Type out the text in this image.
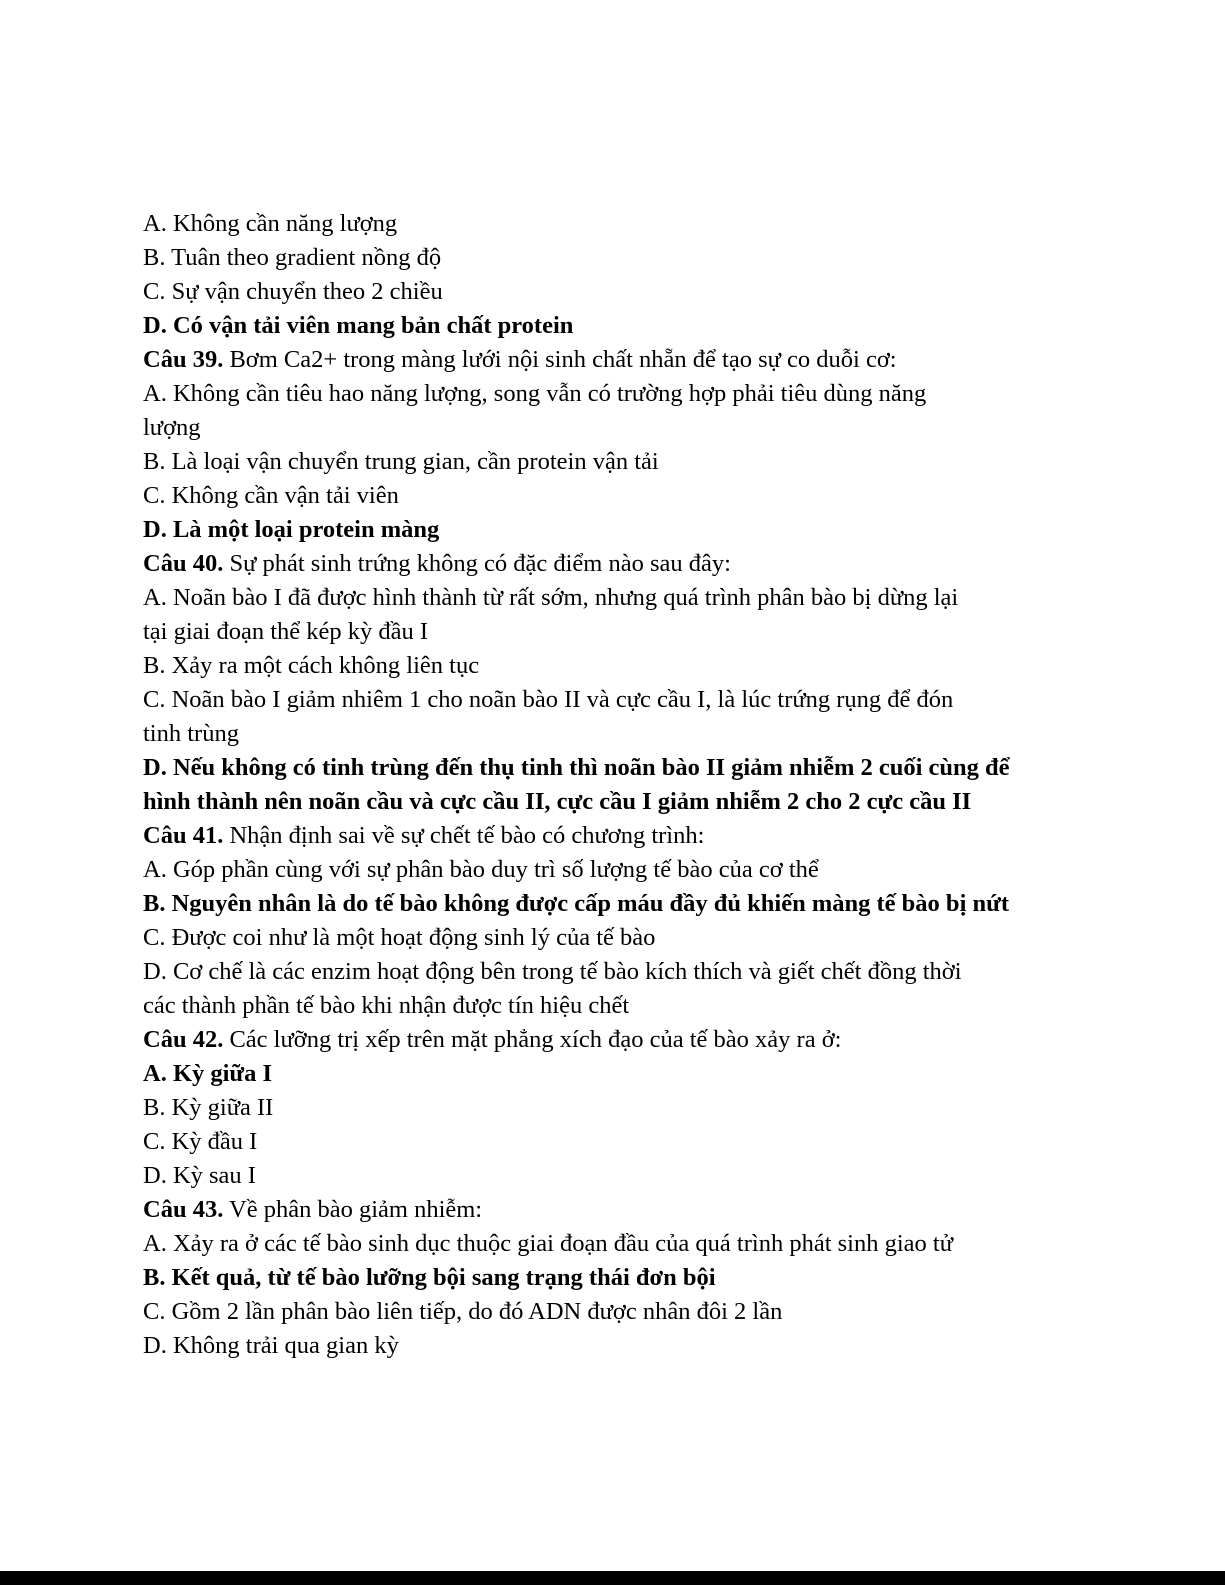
A. Không cần năng lượng
B. Tuân theo gradient nồng độ
C. Sự vận chuyển theo 2 chiều
D. Có vận tải viên mang bản chất protein
Câu 39. Bơm Ca2+ trong màng lưới nội sinh chất nhẵn để tạo sự co duỗi cơ:
A. Không cần tiêu hao năng lượng, song vẫn có trường hợp phải tiêu dùng năng
lượng
B. Là loại vận chuyển trung gian, cần protein vận tải
C. Không cần vận tải viên
D. Là một loại protein màng
Câu 40. Sự phát sinh trứng không có đặc điểm nào sau đây:
A. Noãn bào I đã được hình thành từ rất sớm, nhưng quá trình phân bào bị dừng lại
tại giai đoạn thể kép kỳ đầu I
B. Xảy ra một cách không liên tục
C. Noãn bào I giảm nhiêm 1 cho noãn bào II và cực cầu I, là lúc trứng rụng để đón
tinh trùng
D. Nếu không có tinh trùng đến thụ tinh thì noãn bào II giảm nhiễm 2 cuối cùng để
hình thành nên noãn cầu và cực cầu II, cực cầu I giảm nhiễm 2 cho 2 cực cầu II
Câu 41. Nhận định sai về sự chết tế bào có chương trình:
A. Góp phần cùng với sự phân bào duy trì số lượng tế bào của cơ thể
B. Nguyên nhân là do tế bào không được cấp máu đầy đủ khiến màng tế bào bị nứt
C. Được coi như là một hoạt động sinh lý của tế bào
D. Cơ chế là các enzim hoạt động bên trong tế bào kích thích và giết chết đồng thời
các thành phần tế bào khi nhận được tín hiệu chết
Câu 42. Các lưỡng trị xếp trên mặt phẳng xích đạo của tế bào xảy ra ở:
A. Kỳ giữa I
B. Kỳ giữa II
C. Kỳ đầu I
D. Kỳ sau I
Câu 43. Về phân bào giảm nhiễm:
A. Xảy ra ở các tế bào sinh dục thuộc giai đoạn đầu của quá trình phát sinh giao tử
B. Kết quả, từ tế bào lưỡng bội sang trạng thái đơn bội
C. Gồm 2 lần phân bào liên tiếp, do đó ADN được nhân đôi 2 lần
D. Không trải qua gian kỳ
